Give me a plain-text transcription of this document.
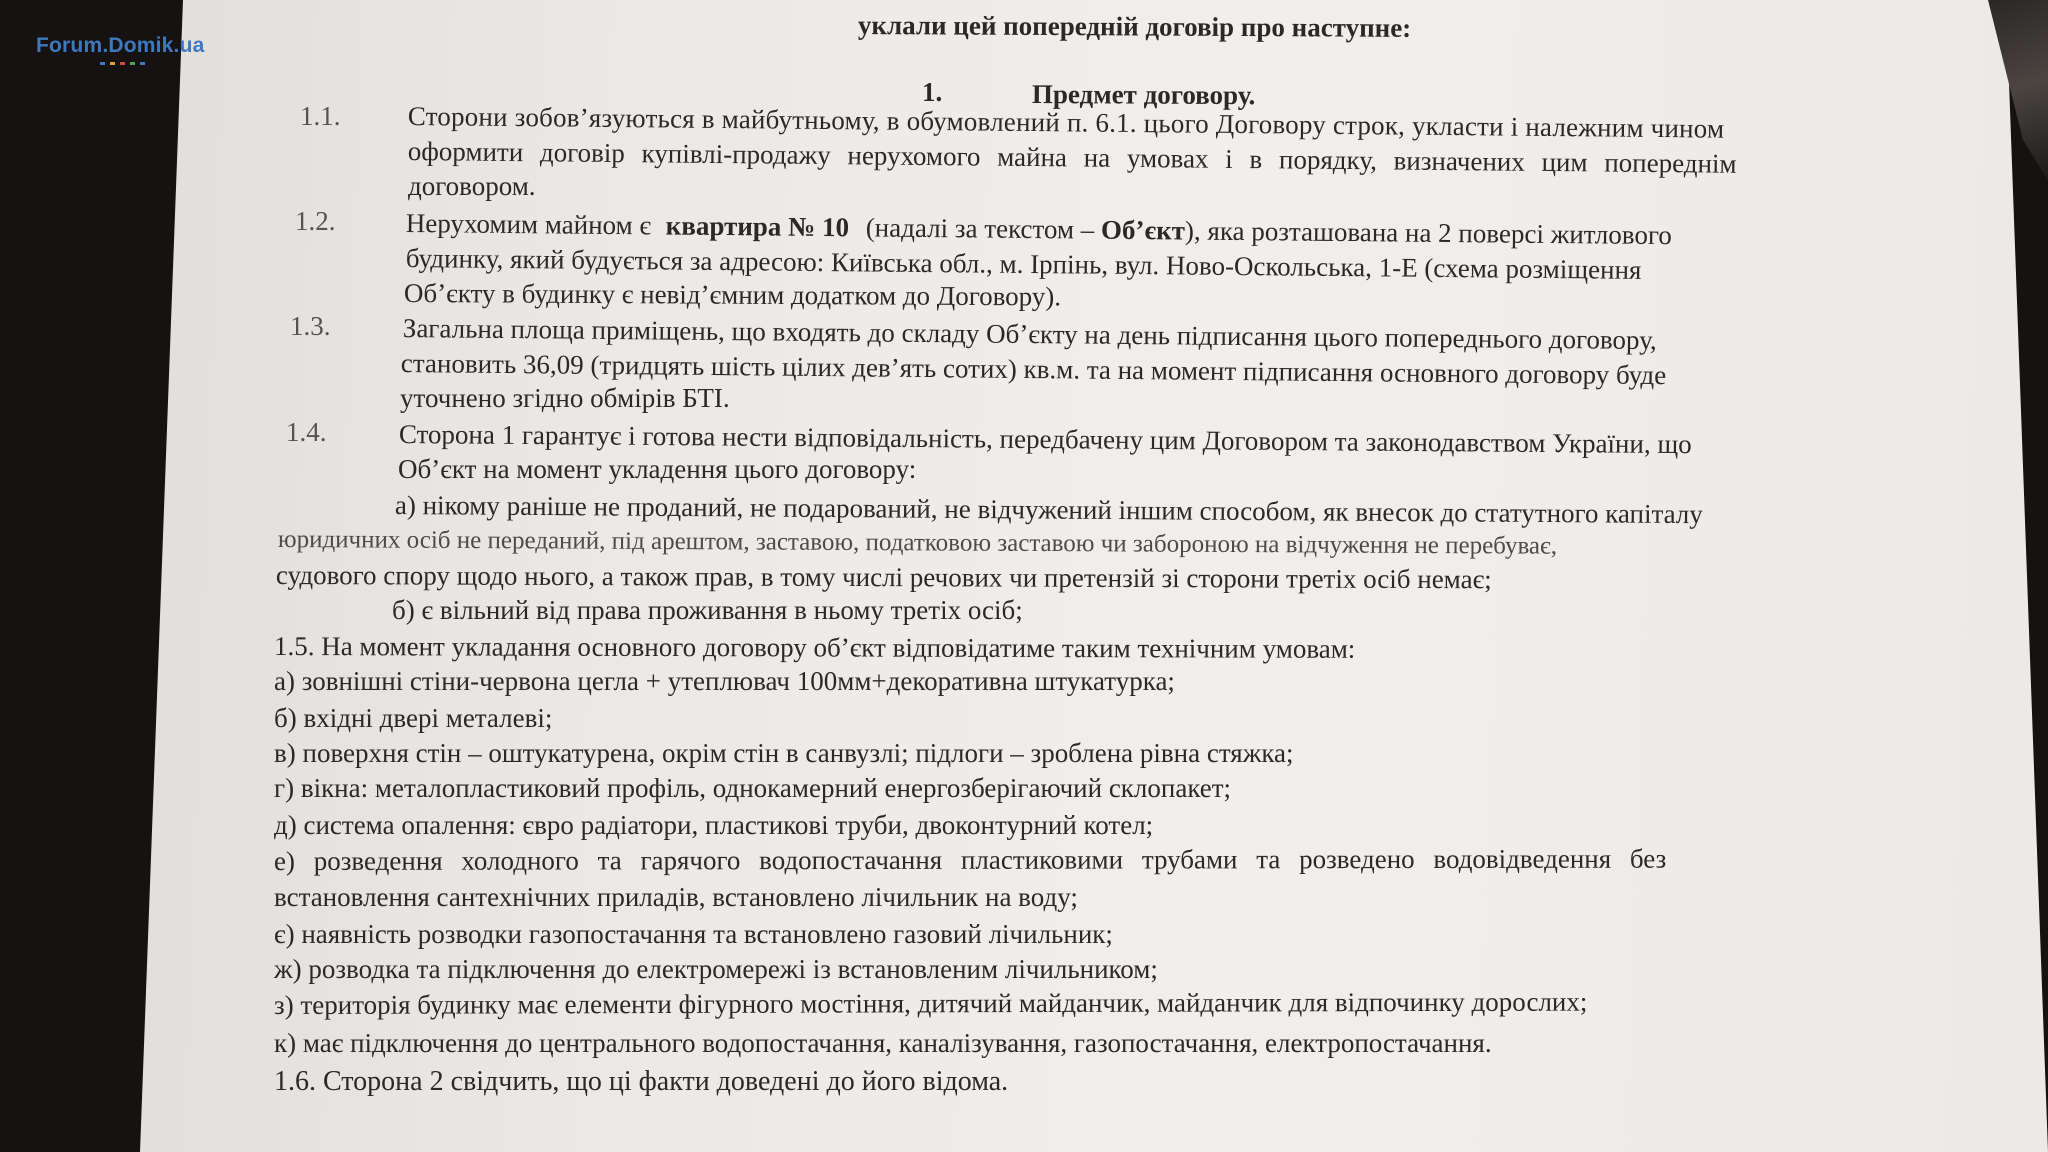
Forum.Domik.ua
уклали цей попередній договір про наступне:
1.	Предмет договору.
1.1. Сторони зобов’язуються в майбутньому, в обумовлений п. 6.1. цього Договору строк, укласти і належним чином
оформити договір купівлі-продажу нерухомого майна на умовах і в порядку, визначених цим попереднім
договором.
1.2.	Нерухомим майном є квартира № 10 (надалі за текстом – Об’єкт), яка розташована на 2 поверсі житлового
будинку, який будується за адресою: Київська обл., м. Ірпінь, вул. Ново-Оскольська, 1-Е (схема розміщення
Об’єкту в будинку є невід’ємним додатком до Договору).
1.3.	Загальна площа приміщень, що входять до складу Об’єкту на день підписання цього попереднього договору,
становить 36,09 (тридцять шість цілих дев’ять сотих) кв.м. та на момент підписання основного договору буде
уточнено згідно обмірів БТІ.
1.4.	Сторона 1 гарантує і готова нести відповідальність, передбачену цим Договором та законодавством України, що
Об’єкт на момент укладення цього договору:
а) нікому раніше не проданий, не подарований, не відчужений іншим способом, як внесок до статутного капіталу
юридичних осіб не переданий, під арештом, заставою, податковою заставою чи забороною на відчуження не перебуває,
судового спору щодо нього, а також прав, в тому числі речових чи претензій зі сторони третіх осіб немає;
б) є вільний від права проживання в ньому третіх осіб;
1.5. На момент укладання основного договору об’єкт відповідатиме таким технічним умовам:
а) зовнішні стіни-червона цегла + утеплювач 100мм+декоративна штукатурка;
б) вхідні двері металеві;
в) поверхня стін – оштукатурена, окрім стін в санвузлі; підлоги – зроблена рівна стяжка;
г) вікна: металопластиковий профіль, однокамерний енергозберігаючий склопакет;
д) система опалення: євро радіатори, пластикові труби, двоконтурний котел;
е) розведення холодного та гарячого водопостачання пластиковими трубами та розведено водовідведення без
встановлення сантехнічних приладів, встановлено лічильник на воду;
є) наявність розводки газопостачання та встановлено газовий лічильник;
ж) розводка та підключення до електромережі із встановленим лічильником;
з) територія будинку має елементи фігурного мостіння, дитячий майданчик, майданчик для відпочинку дорослих;
к) має підключення до центрального водопостачання, каналізування, газопостачання, електропостачання.
1.6. Сторона 2 свідчить, що ці факти доведені до його відома.
